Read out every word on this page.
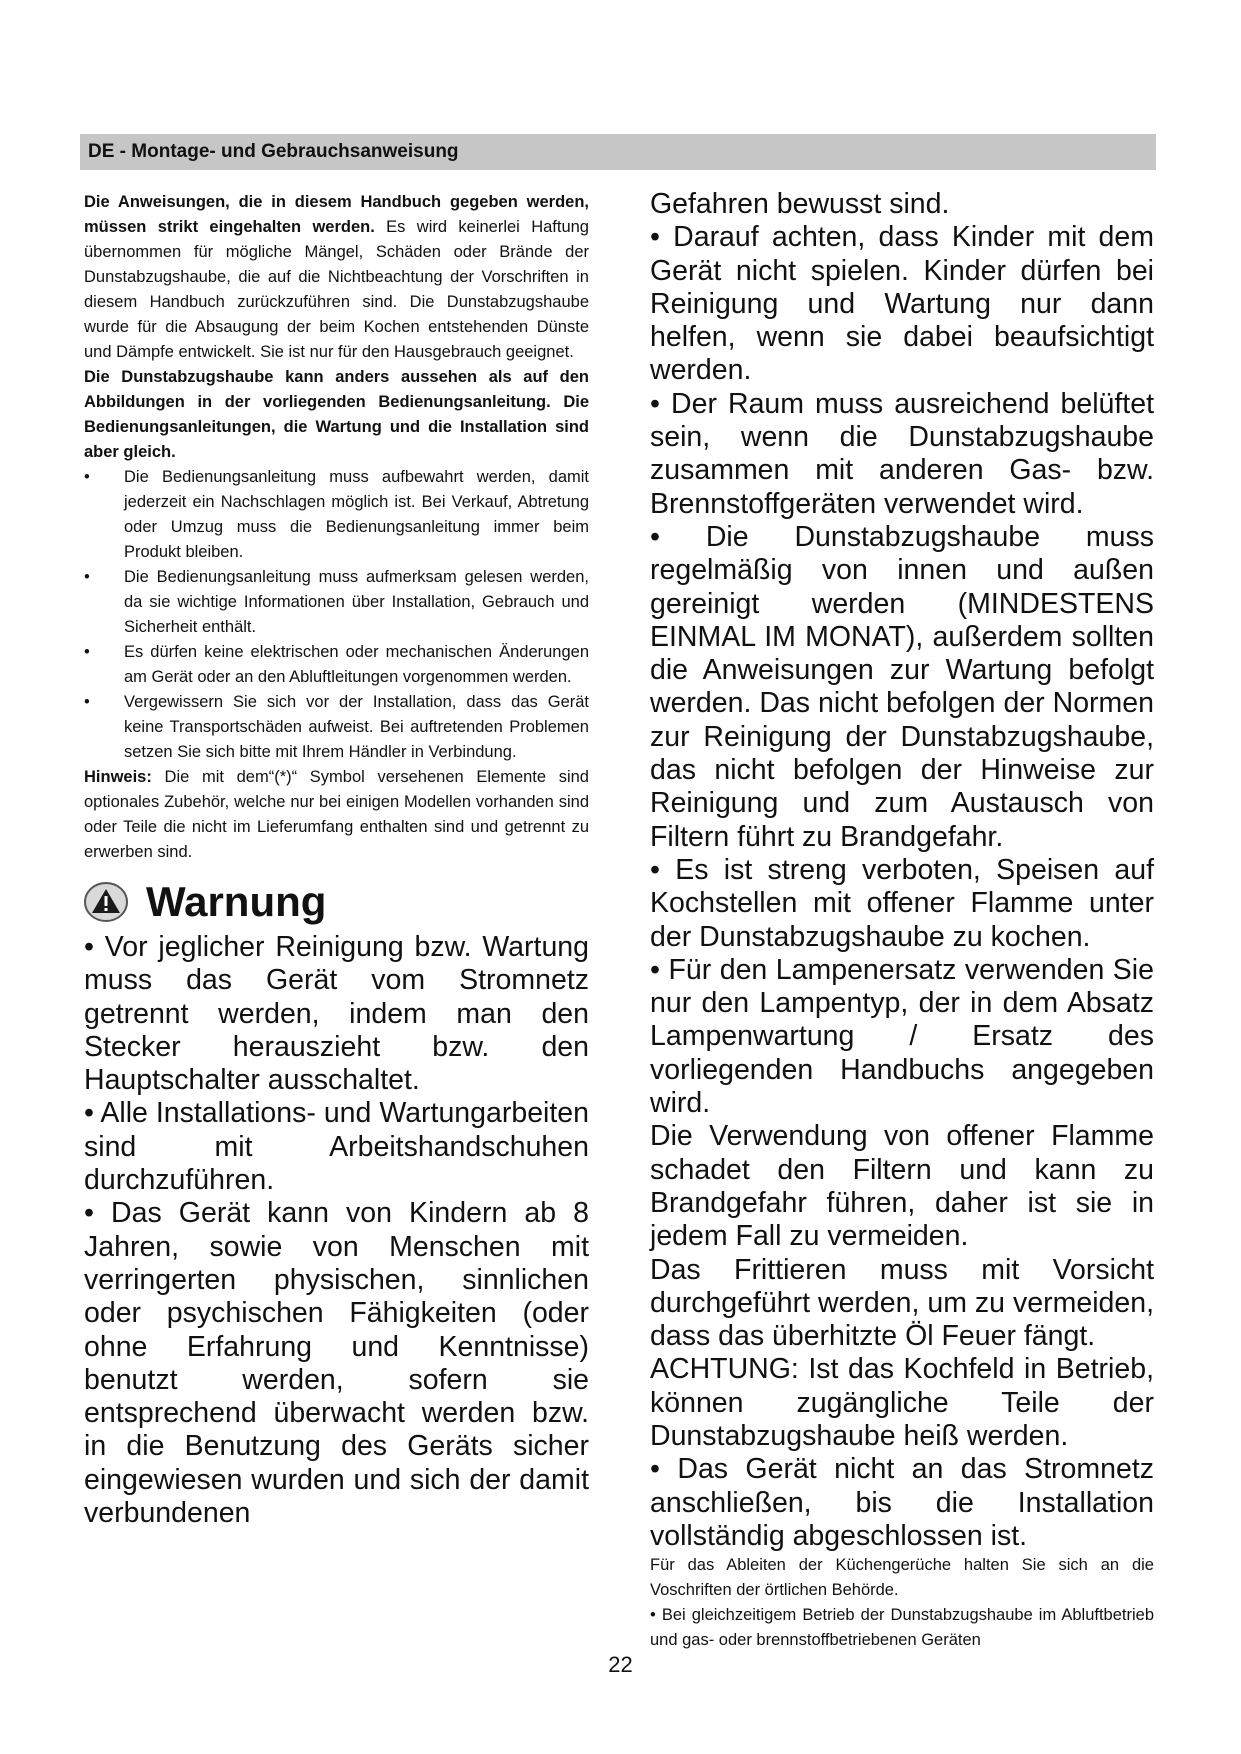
DE - Montage- und Gebrauchsanweisung

Die Anweisungen, die in diesem Handbuch gegeben werden, müssen strikt eingehalten werden. Es wird keinerlei Haftung übernommen für mögliche Mängel, Schäden oder Brände der Dunstabzugshaube, die auf die Nichtbeachtung der Vorschriften in diesem Handbuch zurückzuführen sind. Die Dunstabzugshaube wurde für die Absaugung der beim Kochen entstehenden Dünste und Dämpfe entwickelt. Sie ist nur für den Hausgebrauch geeignet.

Die Dunstabzugshaube kann anders aussehen als auf den Abbildungen in der vorliegenden Bedienungsanleitung. Die Bedienungsanleitungen, die Wartung und die Installation sind aber gleich.

• Die Bedienungsanleitung muss aufbewahrt werden, damit jederzeit ein Nachschlagen möglich ist. Bei Verkauf, Abtretung oder Umzug muss die Bedienungsanleitung immer beim Produkt bleiben.
• Die Bedienungsanleitung muss aufmerksam gelesen werden, da sie wichtige Informationen über Installation, Gebrauch und Sicherheit enthält.
• Es dürfen keine elektrischen oder mechanischen Änderungen am Gerät oder an den Abluftleitungen vorgenommen werden.
• Vergewissern Sie sich vor der Installation, dass das Gerät keine Transportschäden aufweist. Bei auftretenden Problemen setzen Sie sich bitte mit Ihrem Händler in Verbindung.

Hinweis: Die mit dem“(*)“ Symbol versehenen Elemente sind optionales Zubehör, welche nur bei einigen Modellen vorhanden sind oder Teile die nicht im Lieferumfang enthalten sind und getrennt zu erwerben sind.

Warnung

• Vor jeglicher Reinigung bzw. Wartung muss das Gerät vom Stromnetz getrennt werden, indem man den Stecker herauszieht bzw. den Hauptschalter ausschaltet.

• Alle Installations- und Wartungarbeiten sind mit Arbeitshandschuhen durchzuführen.

• Das Gerät kann von Kindern ab 8 Jahren, sowie von Menschen mit verringerten physischen, sinnlichen oder psychischen Fähigkeiten (oder ohne Erfahrung und Kenntnisse) benutzt werden, sofern sie entsprechend überwacht werden bzw. in die Benutzung des Geräts sicher eingewiesen wurden und sich der damit verbundenen

Gefahren bewusst sind.

• Darauf achten, dass Kinder mit dem Gerät nicht spielen. Kinder dürfen bei Reinigung und Wartung nur dann helfen, wenn sie dabei beaufsichtigt werden.

• Der Raum muss ausreichend belüftet sein, wenn die Dunstabzugshaube zusammen mit anderen Gas- bzw. Brennstoffgeräten verwendet wird.

• Die Dunstabzugshaube muss regelmäßig von innen und außen gereinigt werden (MINDESTENS EINMAL IM MONAT), außerdem sollten die Anweisungen zur Wartung befolgt werden. Das nicht befolgen der Normen zur Reinigung der Dunstabzugshaube, das nicht befolgen der Hinweise zur Reinigung und zum Austausch von Filtern führt zu Brandgefahr.

• Es ist streng verboten, Speisen auf Kochstellen mit offener Flamme unter der Dunstabzugshaube zu kochen.

• Für den Lampenersatz verwenden Sie nur den Lampentyp, der in dem Absatz Lampenwartung / Ersatz des vorliegenden Handbuchs angegeben wird.

Die Verwendung von offener Flamme schadet den Filtern und kann zu Brandgefahr führen, daher ist sie in jedem Fall zu vermeiden.

Das Frittieren muss mit Vorsicht durchgeführt werden, um zu vermeiden, dass das überhitzte Öl Feuer fängt.

ACHTUNG: Ist das Kochfeld in Betrieb, können zugängliche Teile der Dunstabzugshaube heiß werden.

• Das Gerät nicht an das Stromnetz anschließen, bis die Installation vollständig abgeschlossen ist.

Für das Ableiten der Küchengerüche halten Sie sich an die Voschriften der örtlichen Behörde.

• Bei gleichzeitigem Betrieb der Dunstabzugshaube im Abluftbetrieb und gas- oder brennstoffbetriebenen Geräten

22
